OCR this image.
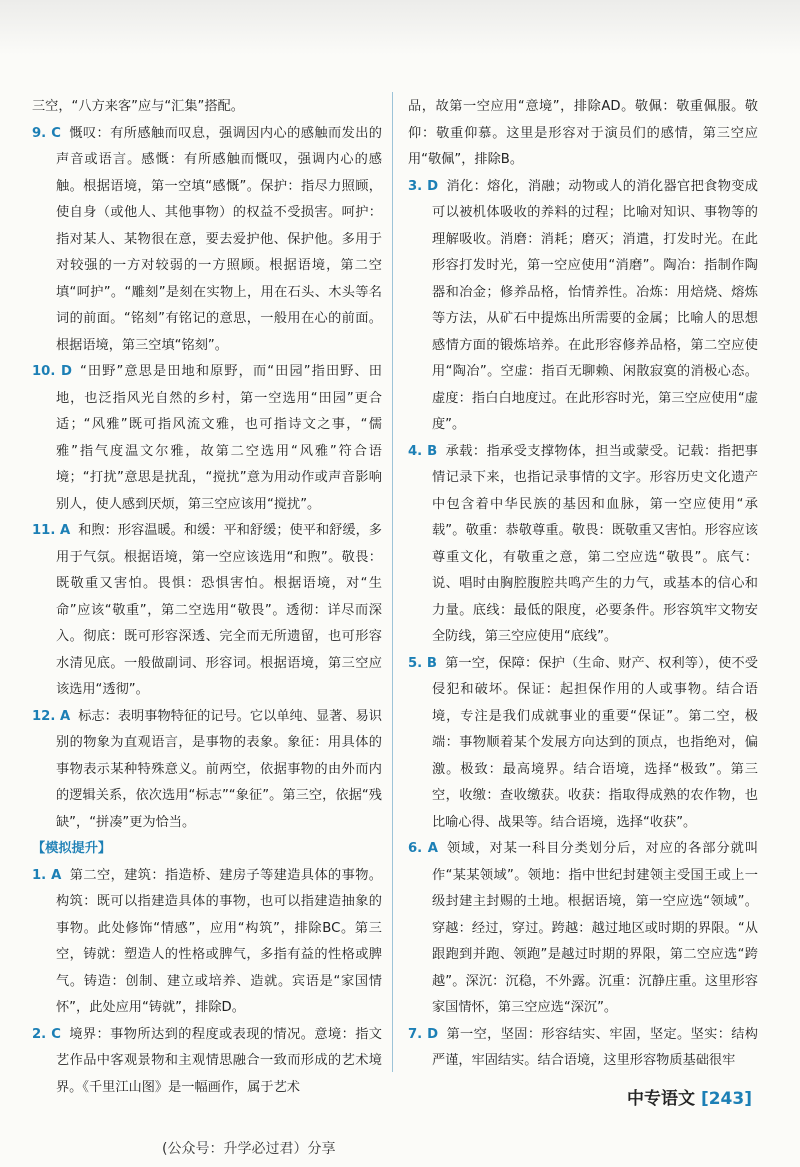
三空，“八方来客”应与“汇集”搭配。

9. C 慨叹：有所感触而叹息，强调因内心的感触而发出的声音或语言。感慨：有所感触而慨叹，强调内心的感触。根据语境，第一空填“感慨”。保护：指尽力照顾，使自身（或他人、其他事物）的权益不受损害。呵护：指对某人、某物很在意，要去爱护他、保护他。多用于对较强的一方对较弱的一方照顾。根据语境，第二空填“呵护”。“雕刻”是刻在实物上，用在石头、木头等名词的前面。“铭刻”有铭记的意思，一般用在心的前面。根据语境，第三空填“铭刻”。

10. D “田野”意思是田地和原野，而“田园”指田野、田地，也泛指风光自然的乡村，第一空选用“田园”更合适；“风雅”既可指风流文雅，也可指诗文之事，“儒雅”指气度温文尔雅，故第二空选用“风雅”符合语境；“打扰”意思是扰乱，“搅扰”意为用动作或声音影响别人，使人感到厌烦，第三空应该用“搅扰”。

11. A 和煦：形容温暖。和缓：平和舒缓；使平和舒缓，多用于气氛。根据语境，第一空应该选用“和煦”。敬畏：既敬重又害怕。畏惧：恐惧害怕。根据语境，对“生命”应该“敬重”，第二空选用“敬畏”。透彻：详尽而深入。彻底：既可形容深透、完全而无所遗留，也可形容水清见底。一般做副词、形容词。根据语境，第三空应该选用“透彻”。

12. A 标志：表明事物特征的记号。它以单纯、显著、易识别的物象为直观语言，是事物的表象。象征：用具体的事物表示某种特殊意义。前两空，依据事物的由外而内的逻辑关系，依次选用“标志”“象征”。第三空，依据“残缺”，“拼凑”更为恰当。

【模拟提升】

1. A 第二空，建筑：指造桥、建房子等建造具体的事物。构筑：既可以指建造具体的事物，也可以指建造抽象的事物。此处修饰“情感”，应用“构筑”，排除BC。第三空，铸就：塑造人的性格或脾气，多指有益的性格或脾气。铸造：创制、建立或培养、造就。宾语是“家国情怀”，此处应用“铸就”，排除D。

2. C 境界：事物所达到的程度或表现的情况。意境：指文艺作品中客观景物和主观情思融合一致而形成的艺术境界。《千里江山图》是一幅画作，属于艺术

品，故第一空应用“意境”，排除AD。敬佩：敬重佩服。敬仰：敬重仰慕。这里是形容对于演员们的感情，第三空应用“敬佩”，排除B。

3. D 消化：熔化，消融；动物或人的消化器官把食物变成可以被机体吸收的养料的过程；比喻对知识、事物等的理解吸收。消磨：消耗；磨灭；消遣，打发时光。在此形容打发时光，第一空应使用“消磨”。陶冶：指制作陶器和冶金；修养品格，怡情养性。冶炼：用焙烧、熔炼等方法，从矿石中提炼出所需要的金属；比喻人的思想感情方面的锻炼培养。在此形容修养品格，第二空应使用“陶冶”。空虚：指百无聊赖、闲散寂寞的消极心态。虚度：指白白地度过。在此形容时光，第三空应使用“虚度”。

4. B 承载：指承受支撑物体，担当或蒙受。记载：指把事情记录下来，也指记录事情的文字。形容历史文化遗产中包含着中华民族的基因和血脉，第一空应使用“承载”。敬重：恭敬尊重。敬畏：既敬重又害怕。形容应该尊重文化，有敬重之意，第二空应选“敬畏”。底气：说、唱时由胸腔腹腔共鸣产生的力气，或基本的信心和力量。底线：最低的限度，必要条件。形容筑牢文物安全防线，第三空应使用“底线”。

5. B 第一空，保障：保护（生命、财产、权利等），使不受侵犯和破坏。保证：起担保作用的人或事物。结合语境，专注是我们成就事业的重要“保证”。第二空，极端：事物顺着某个发展方向达到的顶点，也指绝对，偏激。极致：最高境界。结合语境，选择“极致”。第三空，收缴：查收缴获。收获：指取得成熟的农作物，也比喻心得、战果等。结合语境，选择“收获”。

6. A 领域，对某一科目分类划分后，对应的各部分就叫作“某某领域”。领地：指中世纪封建领主受国王或上一级封建主封赐的土地。根据语境，第一空应选“领域”。穿越：经过，穿过。跨越：越过地区或时期的界限。“从跟跑到并跑、领跑”是越过时期的界限，第二空应选“跨越”。深沉：沉稳，不外露。沉重：沉静庄重。这里形容家国情怀，第三空应选“深沉”。

7. D 第一空，坚固：形容结实、牢固，坚定。坚实：结构严谨，牢固结实。结合语境，这里形容物质基础很牢

中专语文 [243]
(公众号：升学必过君）分享
